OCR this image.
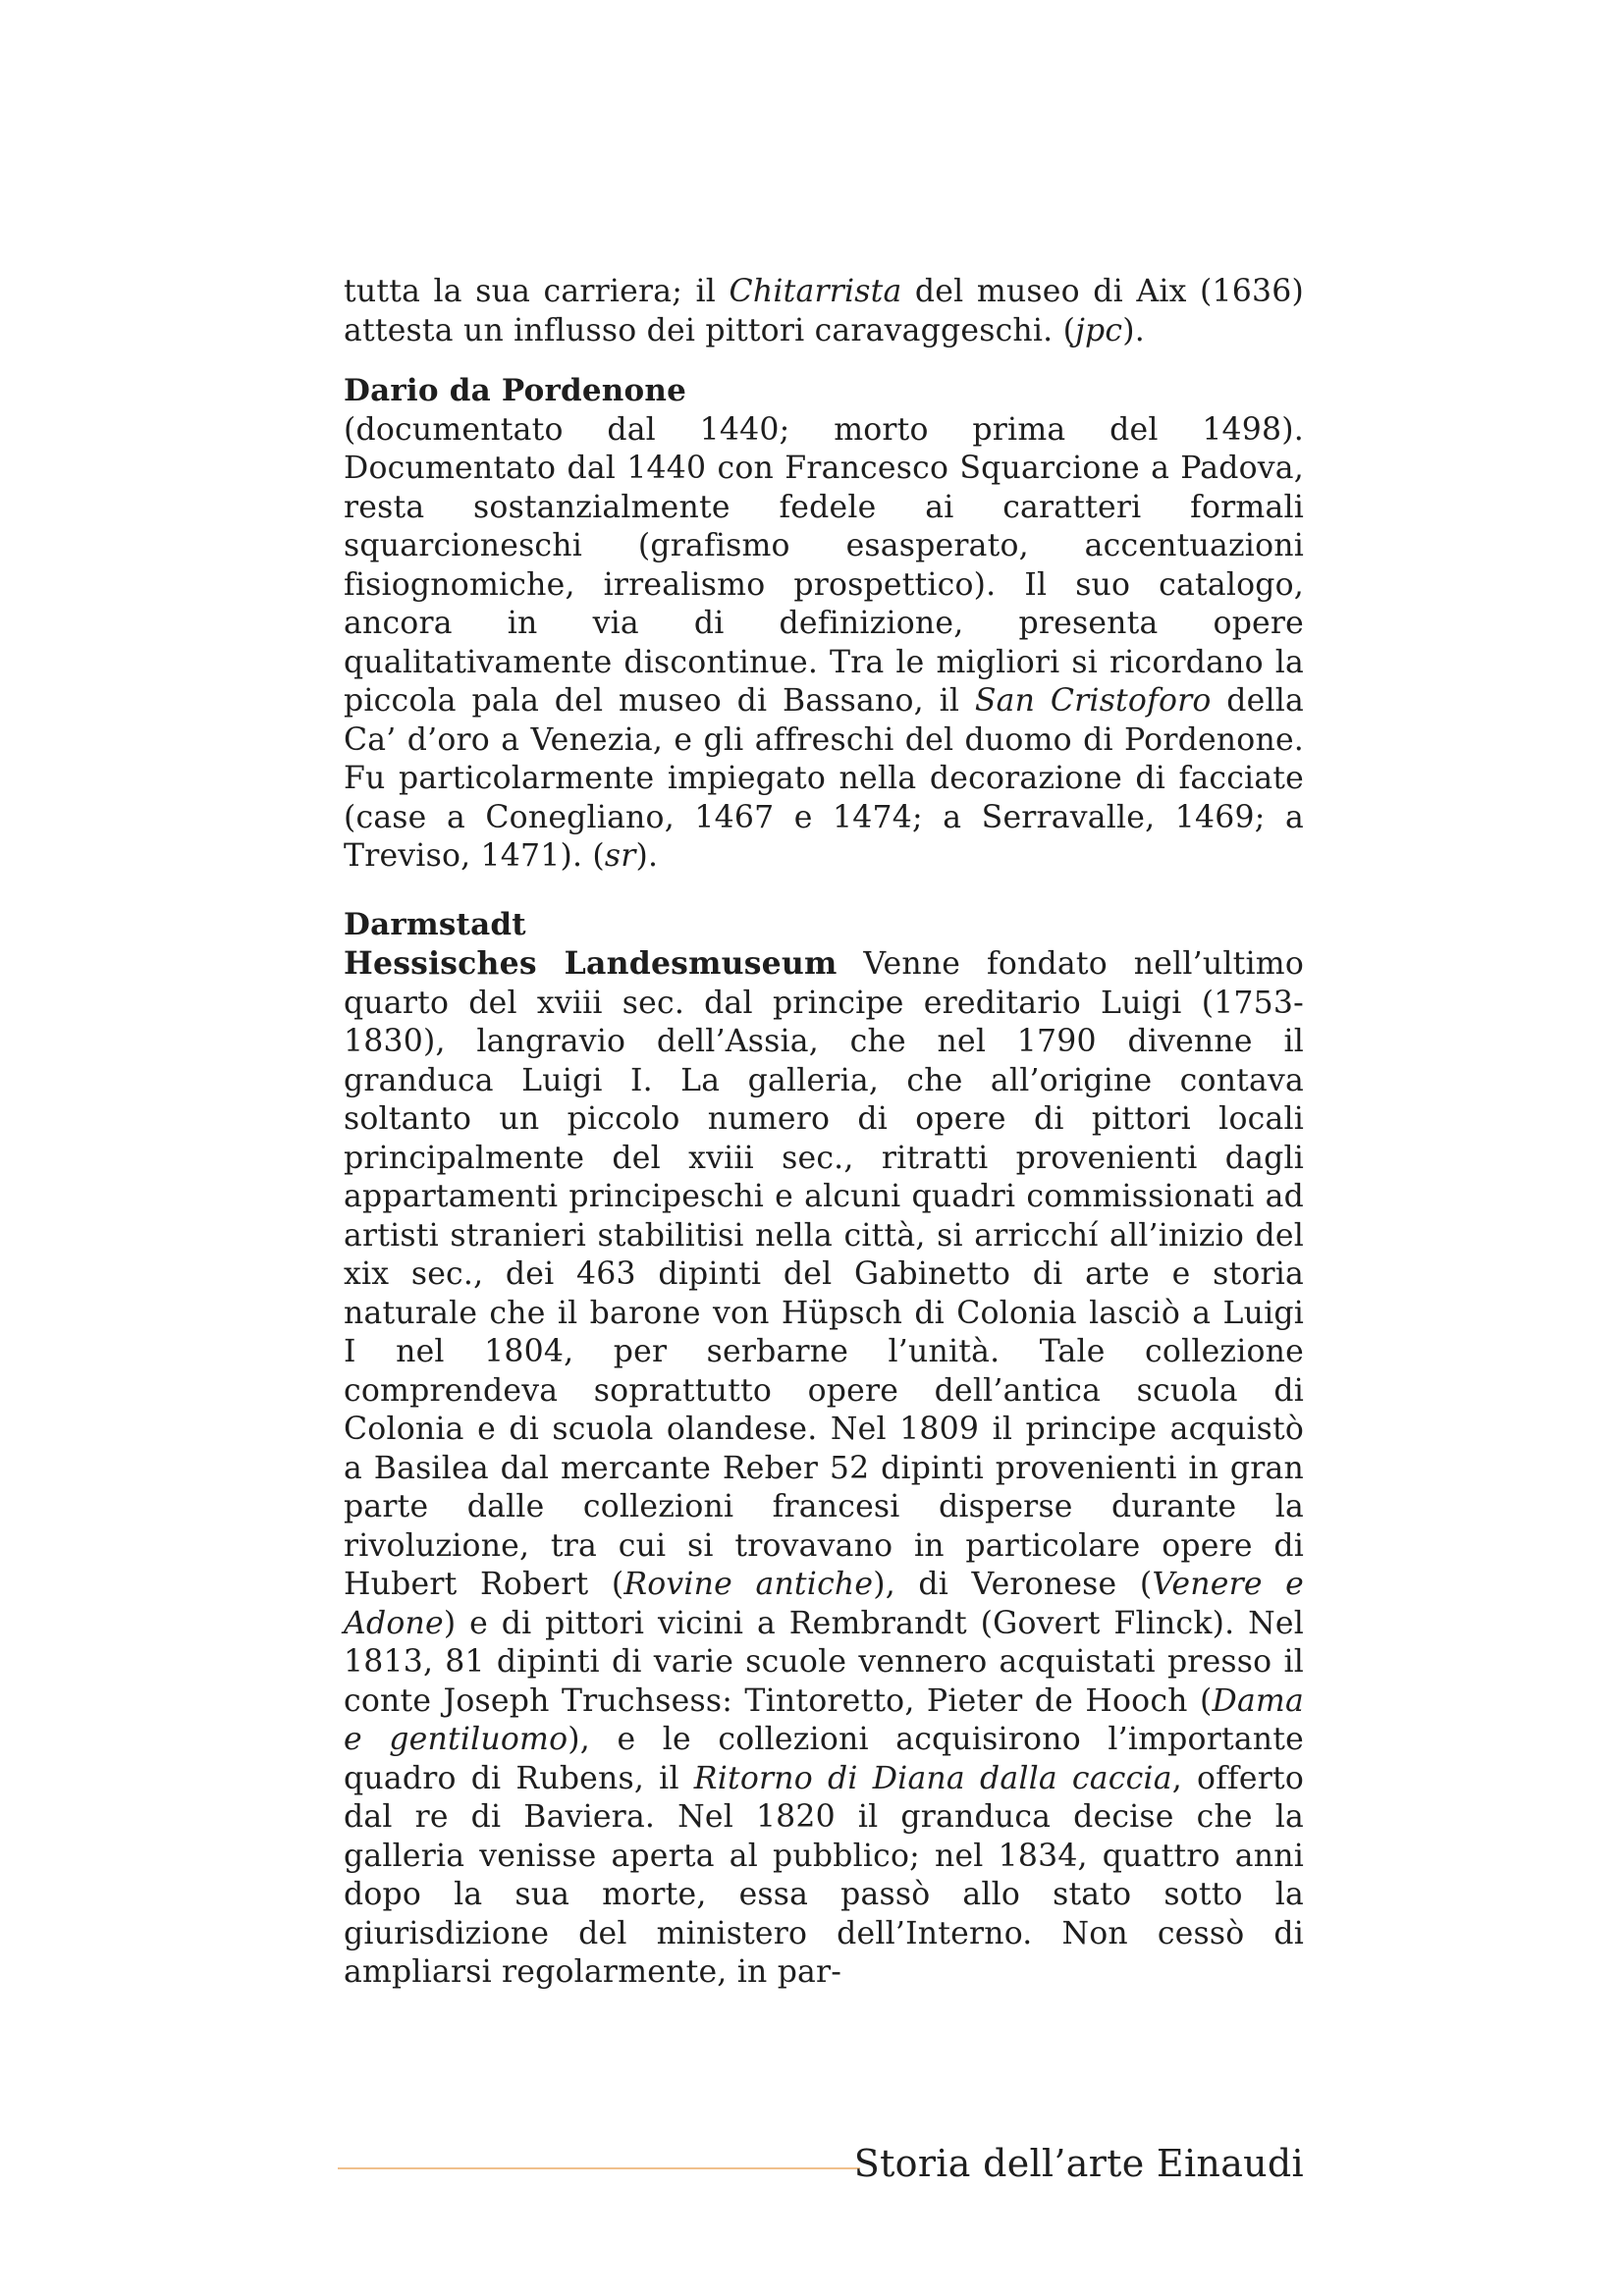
tutta la sua carriera; il Chitarrista del museo di Aix (1636) attesta un influsso dei pittori caravaggeschi. (jpc).

Dario da Pordenone

(documentato dal 1440; morto prima del 1498). Documentato dal 1440 con Francesco Squarcione a Padova, resta sostanzialmente fedele ai caratteri formali squarcioneschi (grafismo esasperato, accentuazioni fisiognomiche, irrealismo prospettico). Il suo catalogo, ancora in via di definizione, presenta opere qualitativamente discontinue. Tra le migliori si ricordano la piccola pala del museo di Bassano, il San Cristoforo della Ca’ d’oro a Venezia, e gli affreschi del duomo di Pordenone. Fu particolarmente impiegato nella decorazione di facciate (case a Conegliano, 1467 e 1474; a Serravalle, 1469; a Treviso, 1471). (sr).

Darmstadt

Hessisches Landesmuseum Venne fondato nell’ultimo quarto del xviii sec. dal principe ereditario Luigi (1753-1830), langravio dell’Assia, che nel 1790 divenne il granduca Luigi I. La galleria, che all’origine contava soltanto un piccolo numero di opere di pittori locali principalmente del xviii sec., ritratti provenienti dagli appartamenti principeschi e alcuni quadri commissionati ad artisti stranieri stabilitisi nella città, si arricchí all’inizio del xix sec., dei 463 dipinti del Gabinetto di arte e storia naturale che il barone von Hüpsch di Colonia lasciò a Luigi I nel 1804, per serbarne l’unità. Tale collezione comprendeva soprattutto opere dell’antica scuola di Colonia e di scuola olandese. Nel 1809 il principe acquistò a Basilea dal mercante Reber 52 dipinti provenienti in gran parte dalle collezioni francesi disperse durante la rivoluzione, tra cui si trovavano in particolare opere di Hubert Robert (Rovine antiche), di Veronese (Venere e Adone) e di pittori vicini a Rembrandt (Govert Flinck). Nel 1813, 81 dipinti di varie scuole vennero acquistati presso il conte Joseph Truchsess: Tintoretto, Pieter de Hooch (Dama e gentiluomo), e le collezioni acquisirono l’importante quadro di Rubens, il Ritorno di Diana dalla caccia, offerto dal re di Baviera. Nel 1820 il granduca decise che la galleria venisse aperta al pubblico; nel 1834, quattro anni dopo la sua morte, essa passò allo stato sotto la giurisdizione del ministero dell’Interno. Non cessò di ampliarsi regolarmente, in par-

Storia dell’arte Einaudi
